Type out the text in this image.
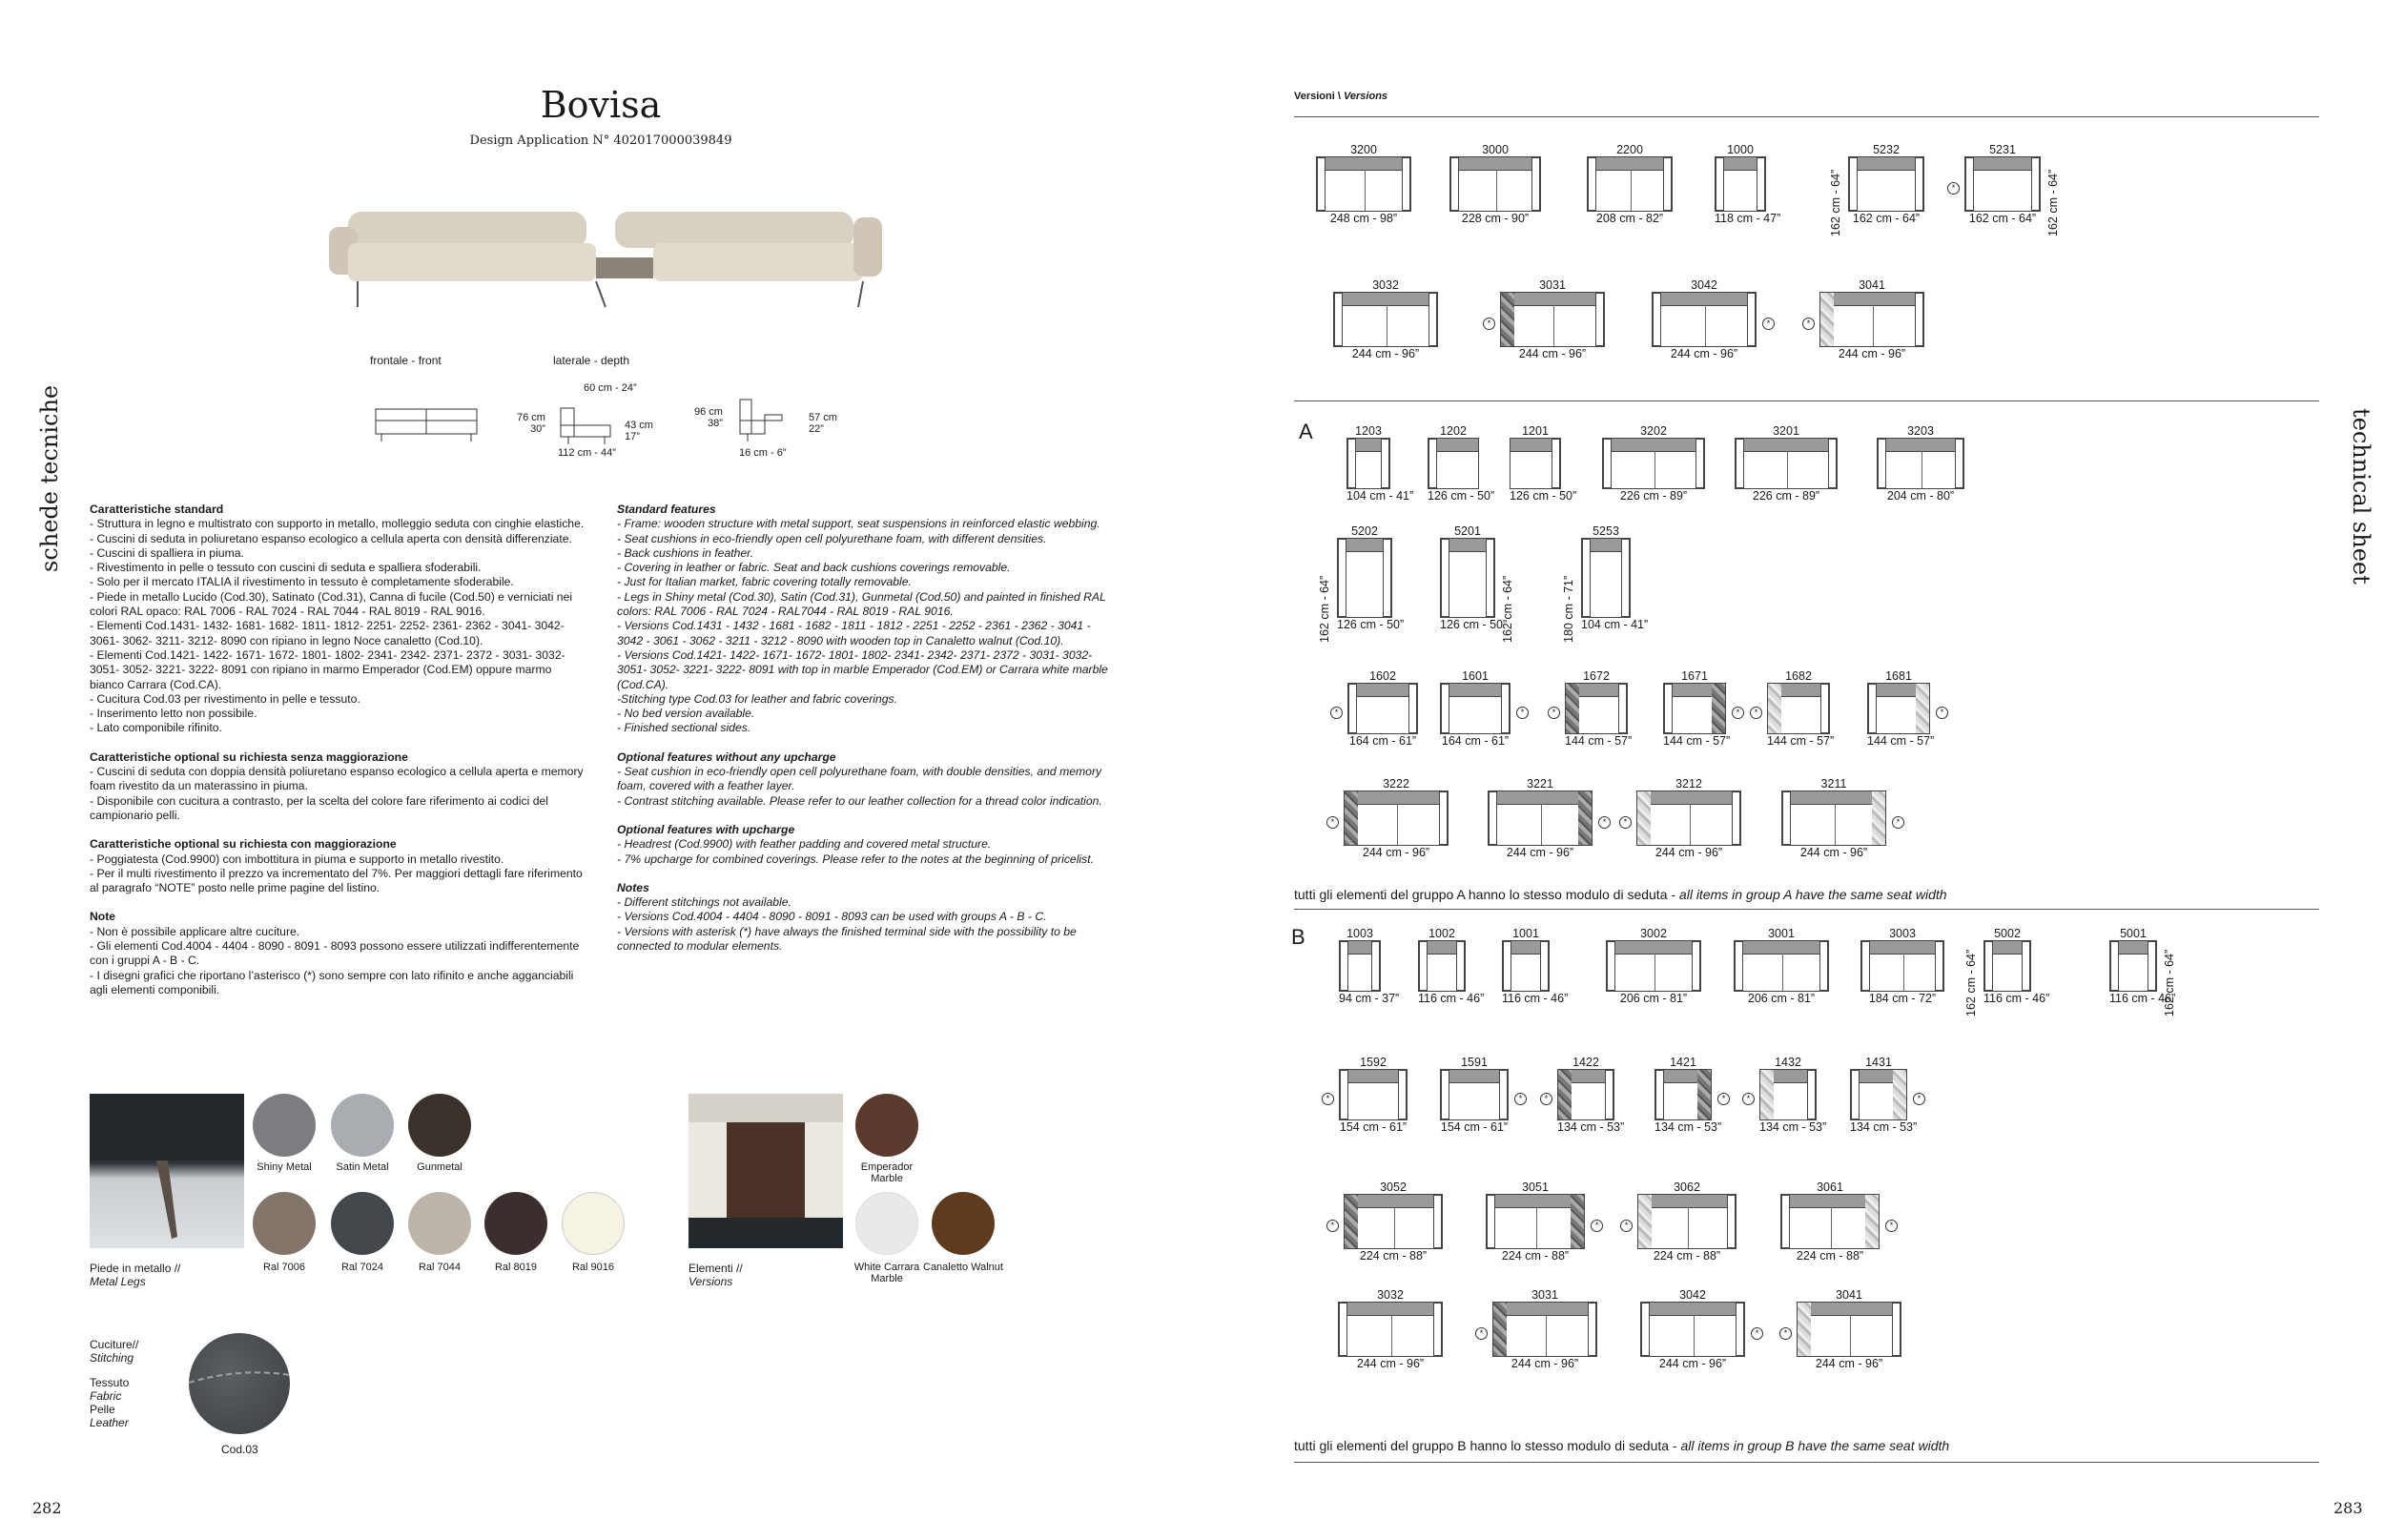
Bovisa
Design Application N° 402017000039849
frontale - front	laterale - depth
60 cm - 24”
76 cm
30”	43 cm
17”
112 cm - 44”
96 cm
38”	57 cm
22”
16 cm - 6”
schede tecniche Caratteristiche standard

- Struttura in legno e multistrato con supporto in metallo, molleggio seduta con cinghie elastiche.

- Cuscini di seduta in poliuretano espanso ecologico a cellula aperta con densità differenziate.

- Cuscini di spalliera in piuma.

- Rivestimento in pelle o tessuto con cuscini di seduta e spalliera sfoderabili.

- Solo per il mercato ITALIA il rivestimento in tessuto è completamente sfoderabile.

- Piede in metallo Lucido (Cod.30), Satinato (Cod.31), Canna di fucile (Cod.50) e verniciati nei colori RAL opaco: RAL 7006 - RAL 7024 - RAL 7044 - RAL 8019 - RAL 9016.

- Elementi Cod.1431- 1432- 1681- 1682- 1811- 1812- 2251- 2252- 2361- 2362 - 3041- 3042- 3061- 3062- 3211- 3212- 8090 con ripiano in legno Noce canaletto (Cod.10).

- Elementi Cod.1421- 1422- 1671- 1672- 1801- 1802- 2341- 2342- 2371- 2372 - 3031- 3032- 3051- 3052- 3221- 3222- 8091 con ripiano in marmo Emperador (Cod.EM) oppure marmo bianco Carrara (Cod.CA).

- Cucitura Cod.03 per rivestimento in pelle e tessuto.

- Inserimento letto non possibile.

- Lato componibile rifinito.

Caratteristiche optional su richiesta senza maggiorazione

- Cuscini di seduta con doppia densità poliuretano espanso ecologico a cellula aperta e memory foam rivestito da un materassino in piuma.

- Disponibile con cucitura a contrasto, per la scelta del colore fare riferimento ai codici del campionario pelli.

Caratteristiche optional su richiesta con maggiorazione

- Poggiatesta (Cod.9900) con imbottitura in piuma e supporto in metallo rivestito.

- Per il multi rivestimento il prezzo va incrementato del 7%. Per maggiori dettagli fare riferimento al paragrafo “NOTE” posto nelle prime pagine del listino.

Note

- Non è possibile applicare altre cuciture.

- Gli elementi Cod.4004 - 4404 - 8090 - 8091 - 8093 possono essere utilizzati indifferentemente con i gruppi A - B - C.

- I disegni grafici che riportano l’asterisco (*) sono sempre con lato rifinito e anche agganciabili agli elementi componibili.

Standard features

- Frame: wooden structure with metal support, seat suspensions in reinforced elastic webbing.

- Seat cushions in eco-friendly open cell polyurethane foam, with different densities.

- Back cushions in feather.

- Covering in leather or fabric. Seat and back cushions coverings removable.

- Just for Italian market, fabric covering totally removable.

- Legs in Shiny metal (Cod.30), Satin (Cod.31), Gunmetal (Cod.50) and painted in finished RAL colors: RAL 7006 - RAL 7024 - RAL7044 - RAL 8019 - RAL 9016.

- Versions Cod.1431 - 1432 - 1681 - 1682 - 1811 - 1812 - 2251 - 2252 - 2361 - 2362 - 3041 - 3042 - 3061 - 3062 - 3211 - 3212 - 8090 with wooden top in Canaletto walnut (Cod.10).

- Versions Cod.1421- 1422- 1671- 1672- 1801- 1802- 2341- 2342- 2371- 2372 - 3031- 3032- 3051- 3052- 3221- 3222- 8091 with top in marble Emperador (Cod.EM) or Carrara white marble (Cod.CA).

-Stitching type Cod.03 for leather and fabric coverings.

- No bed version available.

- Finished sectional sides.

Optional features without any upcharge

- Seat cushion in eco-friendly open cell polyurethane foam, with double densities, and memory foam, covered with a feather layer.

- Contrast stitching available. Please refer to our leather collection for a thread color indication.

Optional features with upcharge

- Headrest (Cod.9900) with feather padding and covered metal structure.

- 7% upcharge for combined coverings. Please refer to the notes at the beginning of pricelist.

Notes

- Different stitchings not available.

- Versions Cod.4004 - 4404 - 8090 - 8091 - 8093 can be used with groups A - B - C.

- Versions with asterisk (*) have always the finished terminal side with the possibility to be connected to modular elements.

Piede in metallo //
Metal Legs
Shiny Metal	Satin Metal	Gunmetal
Ral 7006	Ral 7024	Ral 7044	Ral 8019	Ral 9016	Elementi //
Versions
Emperador Marble
White Carrara Marble
Canaletto Walnut
Cuciture//
Stitching
Tessuto
Fabric
Pelle
Leather
Cod.03
282
Versioni \ Versions
technical sheet
3200
248 cm - 98”
3000
228 cm - 90”
2200
208 cm - 82”
1000
118 cm - 47”
5232
162 cm - 64”
162 cm - 64”
5231
162 cm - 64” 162 cm - 64”
*
3032
244 cm - 96”
3031
244 cm - 96”
*
3042
244 cm - 96”
*
3041
244 cm - 96”
*
1203
104 cm - 41”
1202
126 cm - 50”
1201
126 cm - 50”
3202
226 cm - 89”
3201
226 cm - 89”
3203
204 cm - 80”
5202
126 cm - 50”
162 cm - 64”
5201
126 cm - 50”
162 cm - 64”
5253
104 cm - 41”
180 cm - 71”
1602
164 cm - 61”
*
1601
164 cm - 61”
*
1672
144 cm - 57”
*
1671
144 cm - 57”
*
1682
144 cm - 57”
*
1681
144 cm - 57”
*
3222
244 cm - 96”
*
3221
244 cm - 96”
*
3212
244 cm - 96”
*
3211
244 cm - 96”
*
1003
94 cm - 37”
1002
116 cm - 46”
1001
116 cm - 46”
3002
206 cm - 81”
3001
206 cm - 81”
3003
184 cm - 72”
5002
116 cm - 46”
162 cm - 64”
5001
116 cm - 46”
162 cm - 64”
1592
154 cm - 61”
*
1591
154 cm - 61”
*
1422
134 cm - 53”
*
1421
134 cm - 53”
*
1432
134 cm - 53”
*
1431
134 cm - 53”
*
3052
224 cm - 88”
*
3051
224 cm - 88”
*
3062
224 cm - 88”
*
3061
224 cm - 88”
*
3032
244 cm - 96”
3031
244 cm - 96”
*
3042
244 cm - 96”
*
3041
244 cm - 96”
*
A
tutti gli elementi del gruppo A hanno lo stesso modulo di seduta - all items in group A have the same seat width
B
tutti gli elementi del gruppo B hanno lo stesso modulo di seduta - all items in group B have the same seat width
283
